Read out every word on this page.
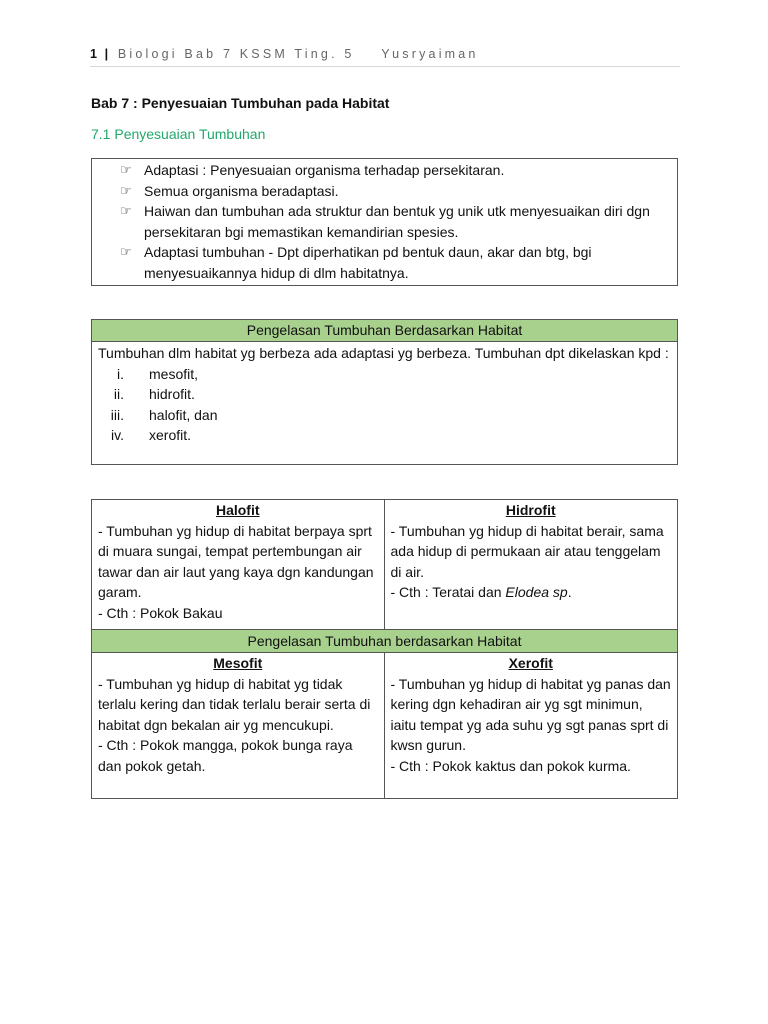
1 | Biologi Bab 7 KSSM Ting. 5 Yusryaiman
Bab 7 : Penyesuaian Tumbuhan pada Habitat
7.1 Penyesuaian Tumbuhan
☞ Adaptasi : Penyesuaian organisma terhadap persekitaran.
☞ Semua organisma beradaptasi.
☞ Haiwan dan tumbuhan ada struktur dan bentuk yg unik utk menyesuaikan diri dgn persekitaran bgi memastikan kemandirian spesies.
☞ Adaptasi tumbuhan - Dpt diperhatikan pd bentuk daun, akar dan btg, bgi menyesuaikannya hidup di dlm habitatnya.
Pengelasan Tumbuhan Berdasarkan Habitat
Tumbuhan dlm habitat yg berbeza ada adaptasi yg berbeza. Tumbuhan dpt dikelaskan kpd :
i. mesofit,
ii. hidrofit.
iii. halofit, dan
iv. xerofit.
Halofit
- Tumbuhan yg hidup di habitat berpaya sprt di muara sungai, tempat pertembungan air tawar dan air laut yang kaya dgn kandungan garam.
- Cth : Pokok Bakau
Hidrofit
- Tumbuhan yg hidup di habitat berair, sama ada hidup di permukaan air atau tenggelam di air.
- Cth : Teratai dan Elodea sp.
Pengelasan Tumbuhan berdasarkan Habitat
Mesofit
- Tumbuhan yg hidup di habitat yg tidak terlalu kering dan tidak terlalu berair serta di habitat dgn bekalan air yg mencukupi.
- Cth : Pokok mangga, pokok bunga raya dan pokok getah.
Xerofit
- Tumbuhan yg hidup di habitat yg panas dan kering dgn kehadiran air yg sgt minimun, iaitu tempat yg ada suhu yg sgt panas sprt di kwsn gurun.
- Cth : Pokok kaktus dan pokok kurma.
